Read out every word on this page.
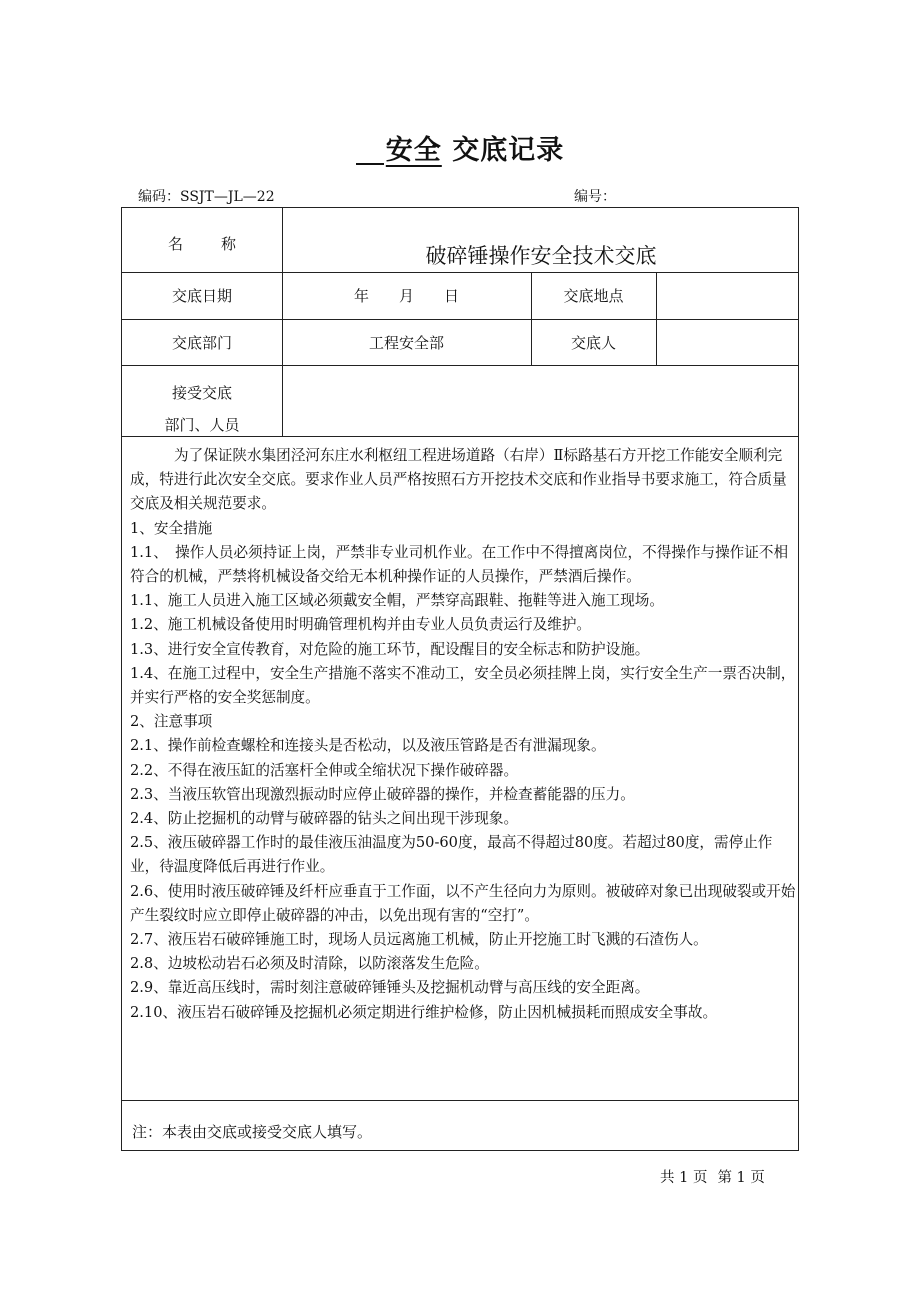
安全 交底记录
编码：SSJT—JL—22	编号：
名	称
破碎锤操作安全技术交底
交底日期	年　　月　　日	交底地点
交底部门	工程安全部	交底人
接受交底
部门、人员

为了保证陕水集团泾河东庄水利枢纽工程进场道路（右岸）Ⅱ标路基石方开挖工作能安全顺利完成，特进行此次安全交底。要求作业人员严格按照石方开挖技术交底和作业指导书要求施工，符合质量交底及相关规范要求。

1、安全措施

1.1、　操作人员必须持证上岗，严禁非专业司机作业。在工作中不得擅离岗位，不得操作与操作证不相符合的机械，严禁将机械设备交给无本机种操作证的人员操作，严禁酒后操作。

1.1、施工人员进入施工区域必须戴安全帽，严禁穿高跟鞋、拖鞋等进入施工现场。

1.2、施工机械设备使用时明确管理机构并由专业人员负责运行及维护。

1.3、进行安全宣传教育，对危险的施工环节，配设醒目的安全标志和防护设施。

1.4、在施工过程中，安全生产措施不落实不准动工，安全员必须挂牌上岗，实行安全生产一票否决制，并实行严格的安全奖惩制度。

2、注意事项

2.1、操作前检查螺栓和连接头是否松动，以及液压管路是否有泄漏现象。

2.2、不得在液压缸的活塞杆全伸或全缩状况下操作破碎器。

2.3、当液压软管出现激烈振动时应停止破碎器的操作，并检查蓄能器的压力。

2.4、防止挖掘机的动臂与破碎器的钻头之间出现干涉现象。

2.5、液压破碎器工作时的最佳液压油温度为50-60度，最高不得超过80度。若超过80度，需停止作业，待温度降低后再进行作业。

2.6、使用时液压破碎锤及纤杆应垂直于工作面，以不产生径向力为原则。被破碎对象已出现破裂或开始产生裂纹时应立即停止破碎器的冲击，以免出现有害的“空打”。

2.7、液压岩石破碎锤施工时，现场人员远离施工机械，防止开挖施工时飞溅的石渣伤人。

2.8、边坡松动岩石必须及时清除，以防滚落发生危险。

2.9、靠近高压线时，需时刻注意破碎锤锤头及挖掘机动臂与高压线的安全距离。

2.10、液压岩石破碎锤及挖掘机必须定期进行维护检修，防止因机械损耗而照成安全事故。

注：本表由交底或接受交底人填写。
共 1 页 第 1 页
